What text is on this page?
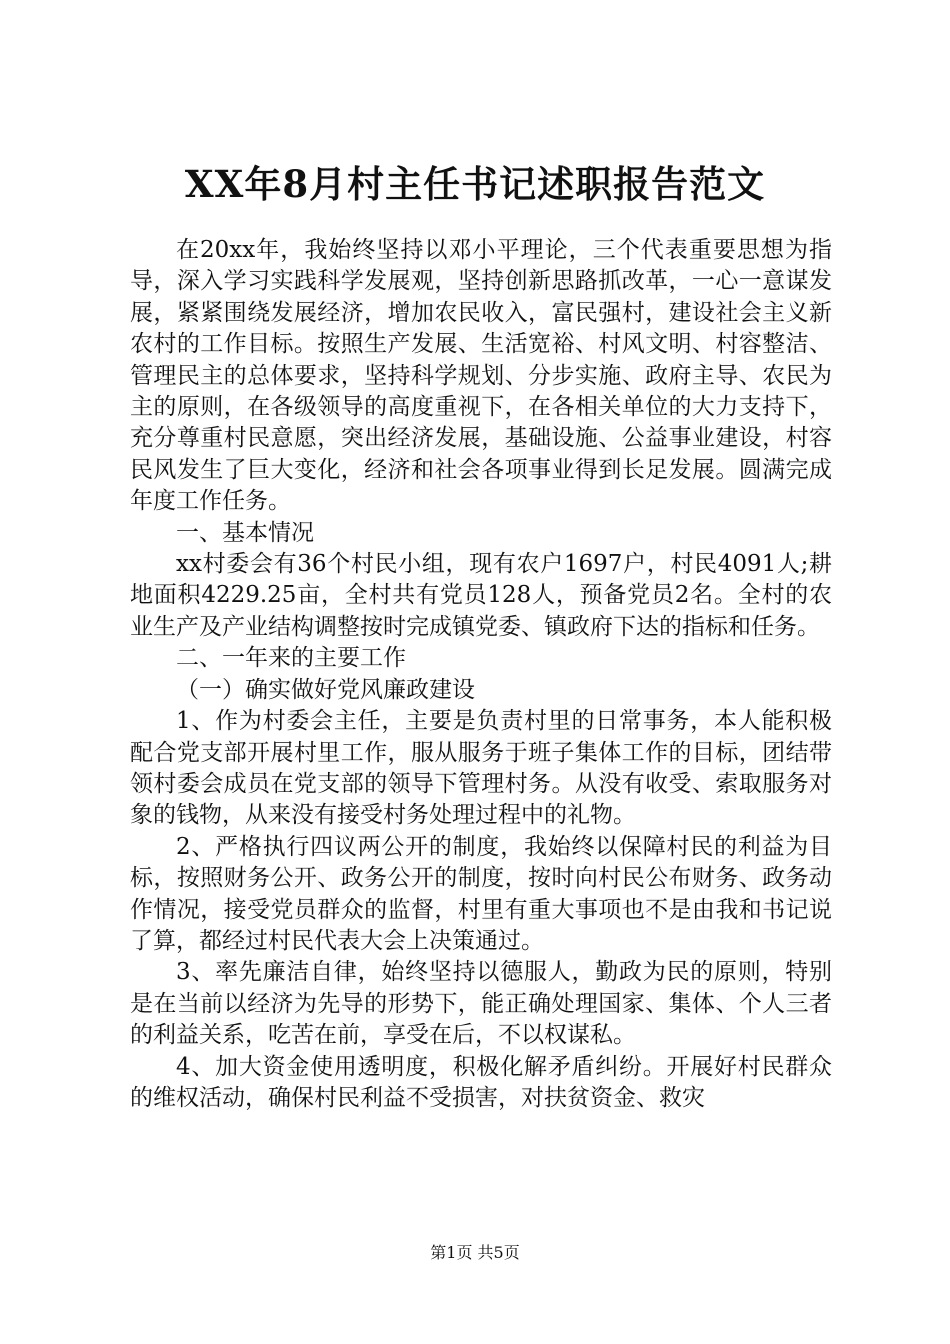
XX年8月村主任书记述职报告范文

在20xx年，我始终坚持以邓小平理论，三个代表重要思想为指导，深入学习实践科学发展观，坚持创新思路抓改革，一心一意谋发展，紧紧围绕发展经济，增加农民收入，富民强村，建设社会主义新农村的工作目标。按照生产发展、生活宽裕、村风文明、村容整洁、管理民主的总体要求，坚持科学规划、分步实施、政府主导、农民为主的原则，在各级领导的高度重视下，在各相关单位的大力支持下，充分尊重村民意愿，突出经济发展，基础设施、公益事业建设，村容民风发生了巨大变化，经济和社会各项事业得到长足发展。圆满完成年度工作任务。

一、基本情况

xx村委会有36个村民小组，现有农户1697户，村民4091人;耕地面积4229.25亩，全村共有党员128人，预备党员2名。全村的农业生产及产业结构调整按时完成镇党委、镇政府下达的指标和任务。

二、一年来的主要工作

（一）确实做好党风廉政建设

1、作为村委会主任，主要是负责村里的日常事务，本人能积极配合党支部开展村里工作，服从服务于班子集体工作的目标，团结带领村委会成员在党支部的领导下管理村务。从没有收受、索取服务对象的钱物，从来没有接受村务处理过程中的礼物。

2、严格执行四议两公开的制度，我始终以保障村民的利益为目标，按照财务公开、政务公开的制度，按时向村民公布财务、政务动作情况，接受党员群众的监督，村里有重大事项也不是由我和书记说了算，都经过村民代表大会上决策通过。

3、率先廉洁自律，始终坚持以德服人，勤政为民的原则，特别是在当前以经济为先导的形势下，能正确处理国家、集体、个人三者的利益关系，吃苦在前，享受在后，不以权谋私。

4、加大资金使用透明度，积极化解矛盾纠纷。开展好村民群众的维权活动，确保村民利益不受损害，对扶贫资金、救灾

第1页 共5页
